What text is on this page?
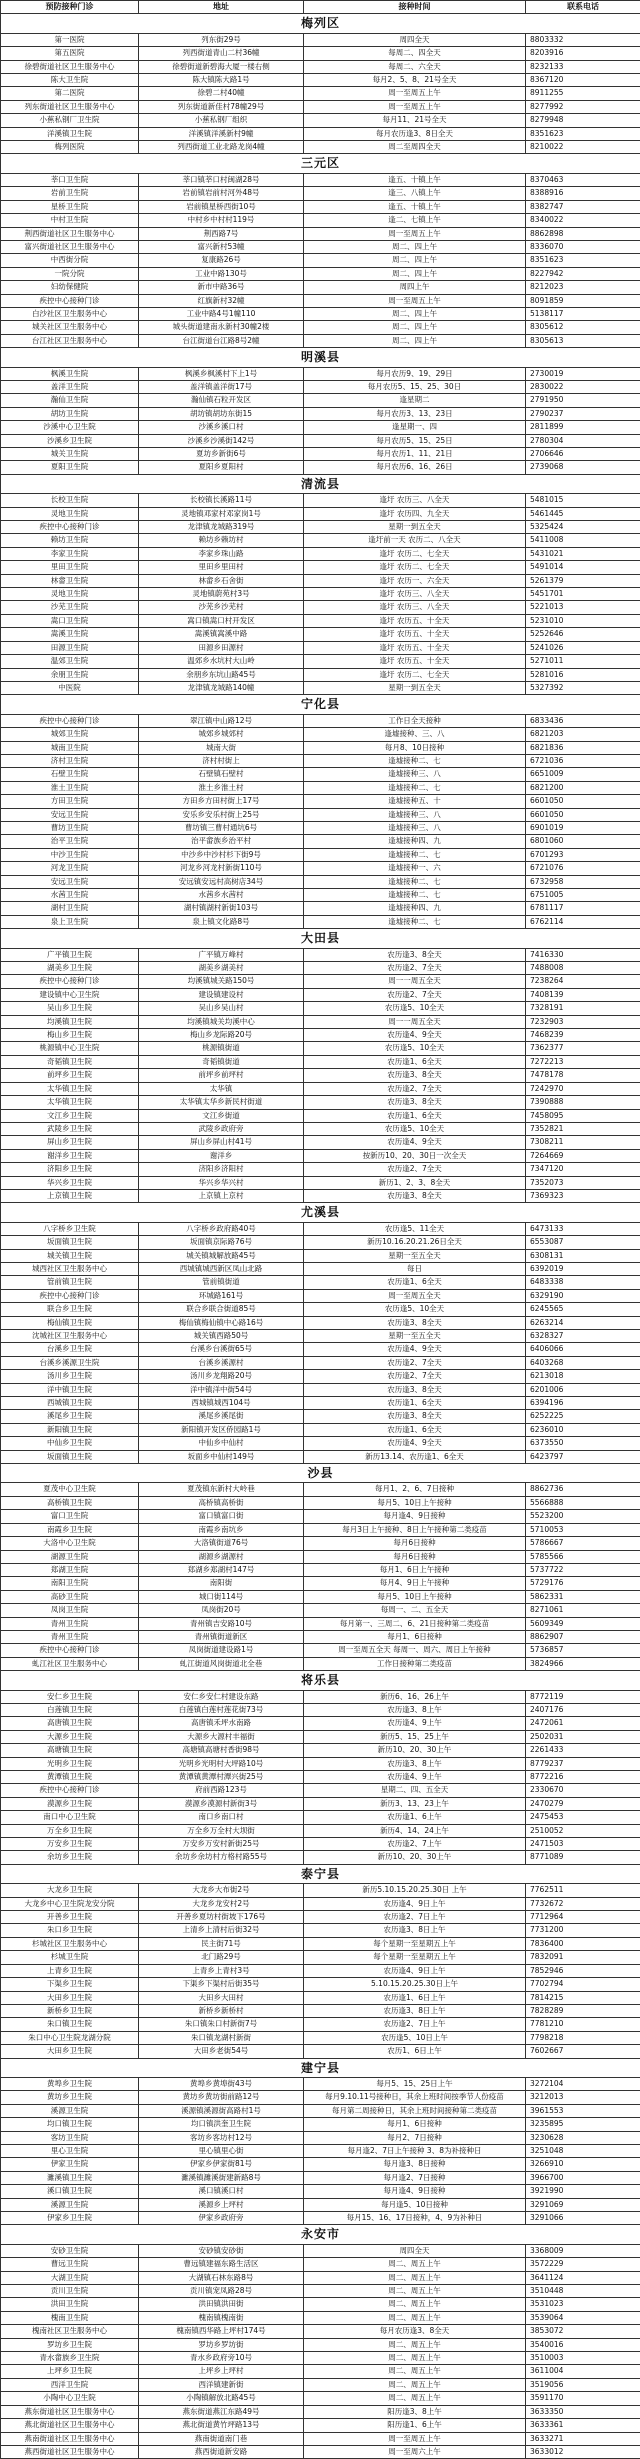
预防接种门诊	地址	接种时间	联系电话
梅列区			
第一医院	列东街29号	周四全天	8803332
第五医院	列西街道青山二村36幢	每周二、四全天	8203916
徐碧街道社区卫生服务中心	徐碧街道新碧海大厦一楼右侧	每周二、六全天	8232133
陈大卫生院	陈大镇陈大路1号	每月2、5、8、21号全天	8367120
第二医院	徐碧二村40幢	周一至周五上午	8911255
列东街道社区卫生服务中心	列东街道新佳村78幢29号	周一至周五上午	8277992
小蕉私钢厂卫生院	小蕉私钢厂组织	每月11、21号全天	8279948
洋溪镇卫生院	洋溪镇洋溪新村9幢	每月农历逢3、8日全天	8351623
梅列医院	列西街道工业北路龙岗4幢	周二至周四全天	8210022
三元区			
莘口卫生院	莘口镇莘口村闽湖28号	逢五、十镇上午	8370463
岩前卫生院	岩前镇岩前村河外48号	逢三、八镇上午	8388916
星桥卫生院	岩前镇星桥西街10号	逢五、十镇上午	8382747
中村卫生院	中村乡中村村119号	逢二、七镇上午	8340022
荆西街道社区卫生服务中心	荆西路7号	周一至周五上午	8862898
富兴街道社区卫生服务中心	富兴新村53幢	周二、四上午	8336070
中西街分院	复康路26号	周二、四上午	8351623
一院分院	工业中路130号	周二、四上午	8227942
妇幼保健院	新市中路36号	周四上午	8212023
疾控中心接种门诊	红旗新村32幢	周一至周五上午	8091859
白沙社区卫生服务中心	工业中路4号1幢110	周二、四上午	5138117
城关社区卫生服务中心	城头街道建南永新村30幢2楼	周二、四上午	8305612
台江社区卫生服务中心	台江街道台江路8号2幢	周二、四上午	8305613
明溪县			
枫溪卫生院	枫溪乡枫溪村下上1号	每月农历9、19、29日	2730019
盖洋卫生院	盖洋镇盖洋街17号	每月农历5、15、25、30日	2830022
瀚仙卫生院	瀚仙镇石粒开发区	逢星期二	2791950
胡坊卫生院	胡坊镇胡坊东街15	每月农历3、13、23日	2790237
沙溪中心卫生院	沙溪乡溪口村	逢星期一、四	2811899
沙溪乡卫生院	沙溪乡沙溪街142号	每月农历5、15、25日	2780304
城关卫生院	夏坊乡新街6号	每月农历1、11、21日	2706646
夏阳卫生院	夏阳乡夏阳村	每月农历6、16、26日	2739068
清流县			
长校卫生院	长校镇长溪路11号	逢圩 农历三、八全天	5481015
灵地卫生院	灵地镇邓家村邓家岗1号	逢圩 农历四、九全天	5461445
疾控中心接种门诊	龙津镇龙城路319号	星期一到五全天	5325424
赖坊卫生院	赖坊乡赖坊村	逢圩前一天 农历二、八全天	5411008
李家卫生院	李家乡珠山路	逢圩 农历二、七全天	5431021
里田卫生院	里田乡里田村	逢圩 农历二、七全天	5491014
林畲卫生院	林畲乡石舍街	逢圩 农历一、六全天	5261379
灵地卫生院	灵地镇蔚苑村3号	逢圩 农历三、八全天	5451701
沙芜卫生院	沙芜乡沙芜村	逢圩 农历三、八全天	5221013
嵩口卫生院	嵩口镇嵩口村开发区	逢圩 农历五、十全天	5231010
嵩溪卫生院	嵩溪镇嵩溪中路	逢圩 农历五、十全天	5252646
田源卫生院	田源乡田源村	逢圩 农历五、十全天	5241026
温郊卫生院	温郊乡水坑村大山岭	逢圩 农历五、十全天	5271011
余朋卫生院	余朋乡东坑山路45号	逢圩 农历二、七全天	5281016
中医院	龙津镇龙城路140幢	星期一到五全天	5327392
宁化县			
疾控中心接种门诊	翠江镇中山路12号	工作日全天接种	6833436
城郊卫生院	城郊乡城郊村	逢墟接种、三、八	6821203
城南卫生院	城南大街	每月8、10日接种	6821836
济村卫生院	济村村街上	逢墟接种二、七	6721036
石壁卫生院	石壁镇石壁村	逢墟接种三、八	6651009
淮土卫生院	淮土乡淮土村	逢墟接种二、七	6821200
方田卫生院	方田乡方田村街上17号	逢墟接种五、十	6601050
安远卫生院	安乐乡安乐村街上25号	逢墟接种三、八	6601050
曹坊卫生院	曹坊镇三曹村通坑6号	逢墟接种三、八	6901019
治平卫生院	治平畲族乡治平村	逢墟接种四、九	6801060
中沙卫生院	中沙乡中沙村杉下街9号	逢墟接种二、七	6701293
河龙卫生院	河龙乡河龙村新街110号	逢墟接种一、六	6721076
安远卫生院	安远镇安远村高树店34号	逢墟接种二、七	6732958
水茜卫生院	水茜乡水茜村	逢墟接种二、七	6751005
湖村卫生院	湖村镇湖村新街103号	逢墟接种四、九	6781117
泉上卫生院	泉上镇文化路8号	逢墟接种二、七	6762114
大田县			
广平镇卫生院	广平镇万峰村	农历逢3、8全天	7416330
湖美乡卫生院	湖美乡湖美村	农历逢2、7全天	7488008
疾控中心接种门诊	均溪镇城关路150号	周一一周五全天	7238264
建设镇中心卫生院	建设镇建设村	农历逢2、7全天	7408139
吴山乡卫生院	吴山乡吴山村	农历逢5、10全天	7328191
均溪镇卫生院	均溪镇城关均溪中心	周一一周五全天	7232903
梅山乡卫生院	梅山乡龙际路20号	农历逢4、9全天	7468239
桃源镇中心卫生院	桃源镇街道	农历逢5、10全天	7362377
奇韬镇卫生院	奇韬镇街道	农历逢1、6全天	7272213
前坪乡卫生院	前坪乡前坪村	农历逢3、8全天	7478178
太华镇卫生院	太华镇	农历逢2、7全天	7242970
太华镇卫生院	太华镇太华乡新民村街道	农历逢3、8全天	7390888
文江乡卫生院	文江乡街道	农历逢1、6全天	7458095
武陵乡卫生院	武陵乡政府旁	农历逢5、10全天	7352821
屏山乡卫生院	屏山乡屏山村41号	农历逢4、9全天	7308211
谢洋乡卫生院	谢洋乡	按新历10、20、30日一次全天	7264669
济阳乡卫生院	济阳乡济阳村	农历逢2、7全天	7347120
华兴乡卫生院	华兴乡华兴村	新历1、2、3、8全天	7352073
上京镇卫生院	上京镇上京村	农历逢3、8全天	7369323
尤溪县			
八字桥乡卫生院	八字桥乡政府路40号	农历逢5、11全天	6473133
坂面镇卫生院	坂面镇京际路76号	新历10.16.20.21.26日全天	6553087
城关镇卫生院	城关镇城解放路45号	星期一至五全天	6308131
城西社区卫生服务中心	西城镇城西新区凤山北路	每日	6392019
管前镇卫生院	管前镇街道	农历逢1、6全天	6483338
疾控中心接种门诊	环城路161号	周一至周五全天	6329190
联合乡卫生院	联合乡联合街道85号	农历逢5、10全天	6245565
梅仙镇卫生院	梅仙镇梅仙镇中心路16号	农历逢3、8全天	6263214
沈城社区卫生服务中心	城关镇西路50号	星期一至五全天	6328327
台溪乡卫生院	台溪乡台溪街65号	农历逢4、9全天	6406066
台溪乡溪源卫生院	台溪乡溪源村	农历逢2、7全天	6403268
汤川乡卫生院	汤川乡龙翔路20号	农历逢2、7全天	6213018
洋中镇卫生院	洋中镇洋中街54号	农历逢3、8全天	6201006
西城镇卫生院	西城镇城西104号	农历逢1、6全天	6394196
溪尾乡卫生院	溪尾乡溪尾街	农历逢3、8全天	6252225
新阳镇卫生院	新阳镇开发区侨园路1号	农历逢1、6全天	6236010
中仙乡卫生院	中仙乡中仙村	农历逢4、9全天	6373550
坂面镇卫生院	坂面乡中仙村149号	新历13.14、农历逢1、6全天	6423797
沙县			
夏茂中心卫生院	夏茂镇东新村大岭巷	每月1、2、6、7日接种	8862736
高桥镇卫生院	高桥镇高桥街	每月5、10日上午接种	5566888
富口卫生院	富口镇富口街	每月逢4、9日接种	5523200
南霞乡卫生院	南霞乡南坑乡	每月3日上午接种、8日上午接种第二类疫苗	5710053
大洛中心卫生院	大洛镇街道76号	每月6日接种	5786667
湖源卫生院	湖源乡湖源村	每月6日接种	5785566
郑湖卫生院	郑湖乡郑湖村147号	每月1、6日上午接种	5737722
南阳卫生院	南阳街	每月4、9日上午接种	5729176
高砂卫生院	城口街114号	每月5、10日上午接种	5862331
凤岗卫生院	凤岗街20号	每周一、二、五全天	8271061
青州卫生院	青州镇吉安路10号	每月第一、三周二、6、21日接种第二类疫苗	5609349
青州卫生院	青州镇街道新区	每月1、6日接种	8862907
疾控中心接种门诊	凤岗街道建设路1号	周一至周五全天 每周一、周六、周日上午接种	5736857
虬江社区卫生服务中心	虬江街道风岗街道北全巷	工作日接种第二类疫苗	3824966
将乐县			
安仁乡卫生院	安仁乡安仁村建设东路	新历6、16、26上午	8772119
白莲镇卫生院	白莲镇白莲村莲花街73号	农历逢3、8上午	2407176
高唐镇卫生院	高唐镇禾坪水南路	农历逢4、9上午	2472061
大源乡卫生院	大源乡大源村丰福街	新历5、15、25上午	2502031
高塘镇卫生院	高塘镇高塘村香街98号	新历10、20、30上午	2261433
光明乡卫生院	光明乡光明村大坪路10号	农历逢3、8上午	8779237
黄潭镇卫生院	黄潭镇黄潭村潭兴街25号	农历逢4、9上午	8772216
疾控中心接种门诊	府前西路123号	星期二、四、五全天	2330670
漠源乡卫生院	漠源乡漠源村新街3号	新历3、13、23上午	2470279
南口中心卫生院	南口乡南口村	农历逢1、6上午	2475453
万全乡卫生院	万全乡万全村大坝街	新历4、14、24上午	2510052
万安乡卫生院	万安乡万安村新街25号	农历逢2、7上午	2471503
余坊乡卫生院	余坊乡余坊村方格村路55号	新历10、20、30上午	8771089
泰宁县			
大龙乡卫生院	大龙乡大布街2号	新历5.10.15.20.25.30日 上午	7762511
大龙乡中心卫生院龙安分院	大龙乡龙安村2号	农历逢4、9日上午	7732672
开善乡卫生院	开善乡夏坊村街坡下176号	农历逢2、7日上午	7712964
朱口乡卫生院	上清乡上清村后街32号	农历逢3、8日上午	7731200
杉城社区卫生服务中心	民主街71号	每个星期一至星期五上午	7836400
杉城卫生院	北门路29号	每个星期一至星期五上午	7832091
上青乡卫生院	上青乡上青村3号	农历逢4、9日上午	7852946
下渠乡卫生院	下渠乡下渠村后街35号	5.10.15.20.25.30日上午	7702794
大田乡卫生院	大田乡大田村	农历逢1、6日上午	7814215
新桥乡卫生院	新桥乡新桥村	农历逢3、8日上午	7828289
朱口镇卫生院	朱口镇朱口村新街7号	农历逢2、7日上午	7781210
朱口中心卫生院龙湖分院	朱口镇龙湖村新街	农历逢5、10日上午	7798218
大田乡卫生院	大田乡老街54号	农历1、6日上午	7602667
建宁县			
黄埠乡卫生院	黄埠乡黄埠街43号	每月5、15、25日上午	3272104
黄坊乡卫生院	黄坊乡黄坊街前路12号	每月9.10.11号接种日，其余上班时间按季节人份疫苗	3212013
溪源卫生院	溪源镇溪源街高路村1号	每月第二周接种日，其余上班时间接种第二类疫苗	3961553
均口镇卫生院	均口镇洪奎卫生院	每月1、6日接种	3235895
客坊卫生院	客坊乡客坊村12号	每月2、7日接种	3230628
里心卫生院	里心镇里心街	每月逢2、7日上午接种 3、8为补接种日	3251048
伊家卫生院	伊家乡伊家街81号	每月逢3、8日接种	3266910
濉溪镇卫生院	濉溪镇濉溪街建新路8号	每月逢2、7日接种	3966700
溪口镇卫生院	溪口镇溪口村	每月逢4、9日接种	3921990
溪源卫生院	溪源乡上坪村	每月逢5、10日接种	3291069
伊家乡卫生院	伊家乡政府旁	每月15、16、17日接种，4、9为补种日	3291066
永安市			
安砂卫生院	安砂镇安砂街	周四全天	3368009
曹远卫生院	曹远镇建福东路生活区	周二、周五上午	3572229
大湖卫生院	大湖镇石林东路8号	周二、周五上午	3641124
贡川卫生院	贡川镇宠凤路28号	周二、周五上午	3510448
洪田卫生院	洪田镇洪田街	周二、周五上午	3531023
槐南卫生院	槐南镇槐南街	周二、周五上午	3539064
槐南社区卫生服务中心	槐南镇西华路上坪村174号	每月农历逢3、8全天	3853072
罗坊乡卫生院	罗坊乡罗坊街	周二、周五上午	3540016
青水畲族乡卫生院	青水乡政府旁10号	周二、周五上午	3510003
上坪乡卫生院	上坪乡上坪村	周二、周五上午	3611004
西洋卫生院	西洋镇建新街	周二、周五上午	3519056
小陶中心卫生院	小陶镇解放北路45号	周二、周五上午	3591170
燕东街道社区卫生服务中心	燕东街道燕江东路49号	阳历逢3、8上午	3633350
燕北街道社区卫生服务中心	燕北街道黄竹坪路13号	阳历逢1、6上午	3633361
燕南街道社区卫生服务中心	燕南街道南门巷	周一至周五上午	3633271
燕西街道社区卫生服务中心	燕西街道新安路	周一至周六上午	3633012
